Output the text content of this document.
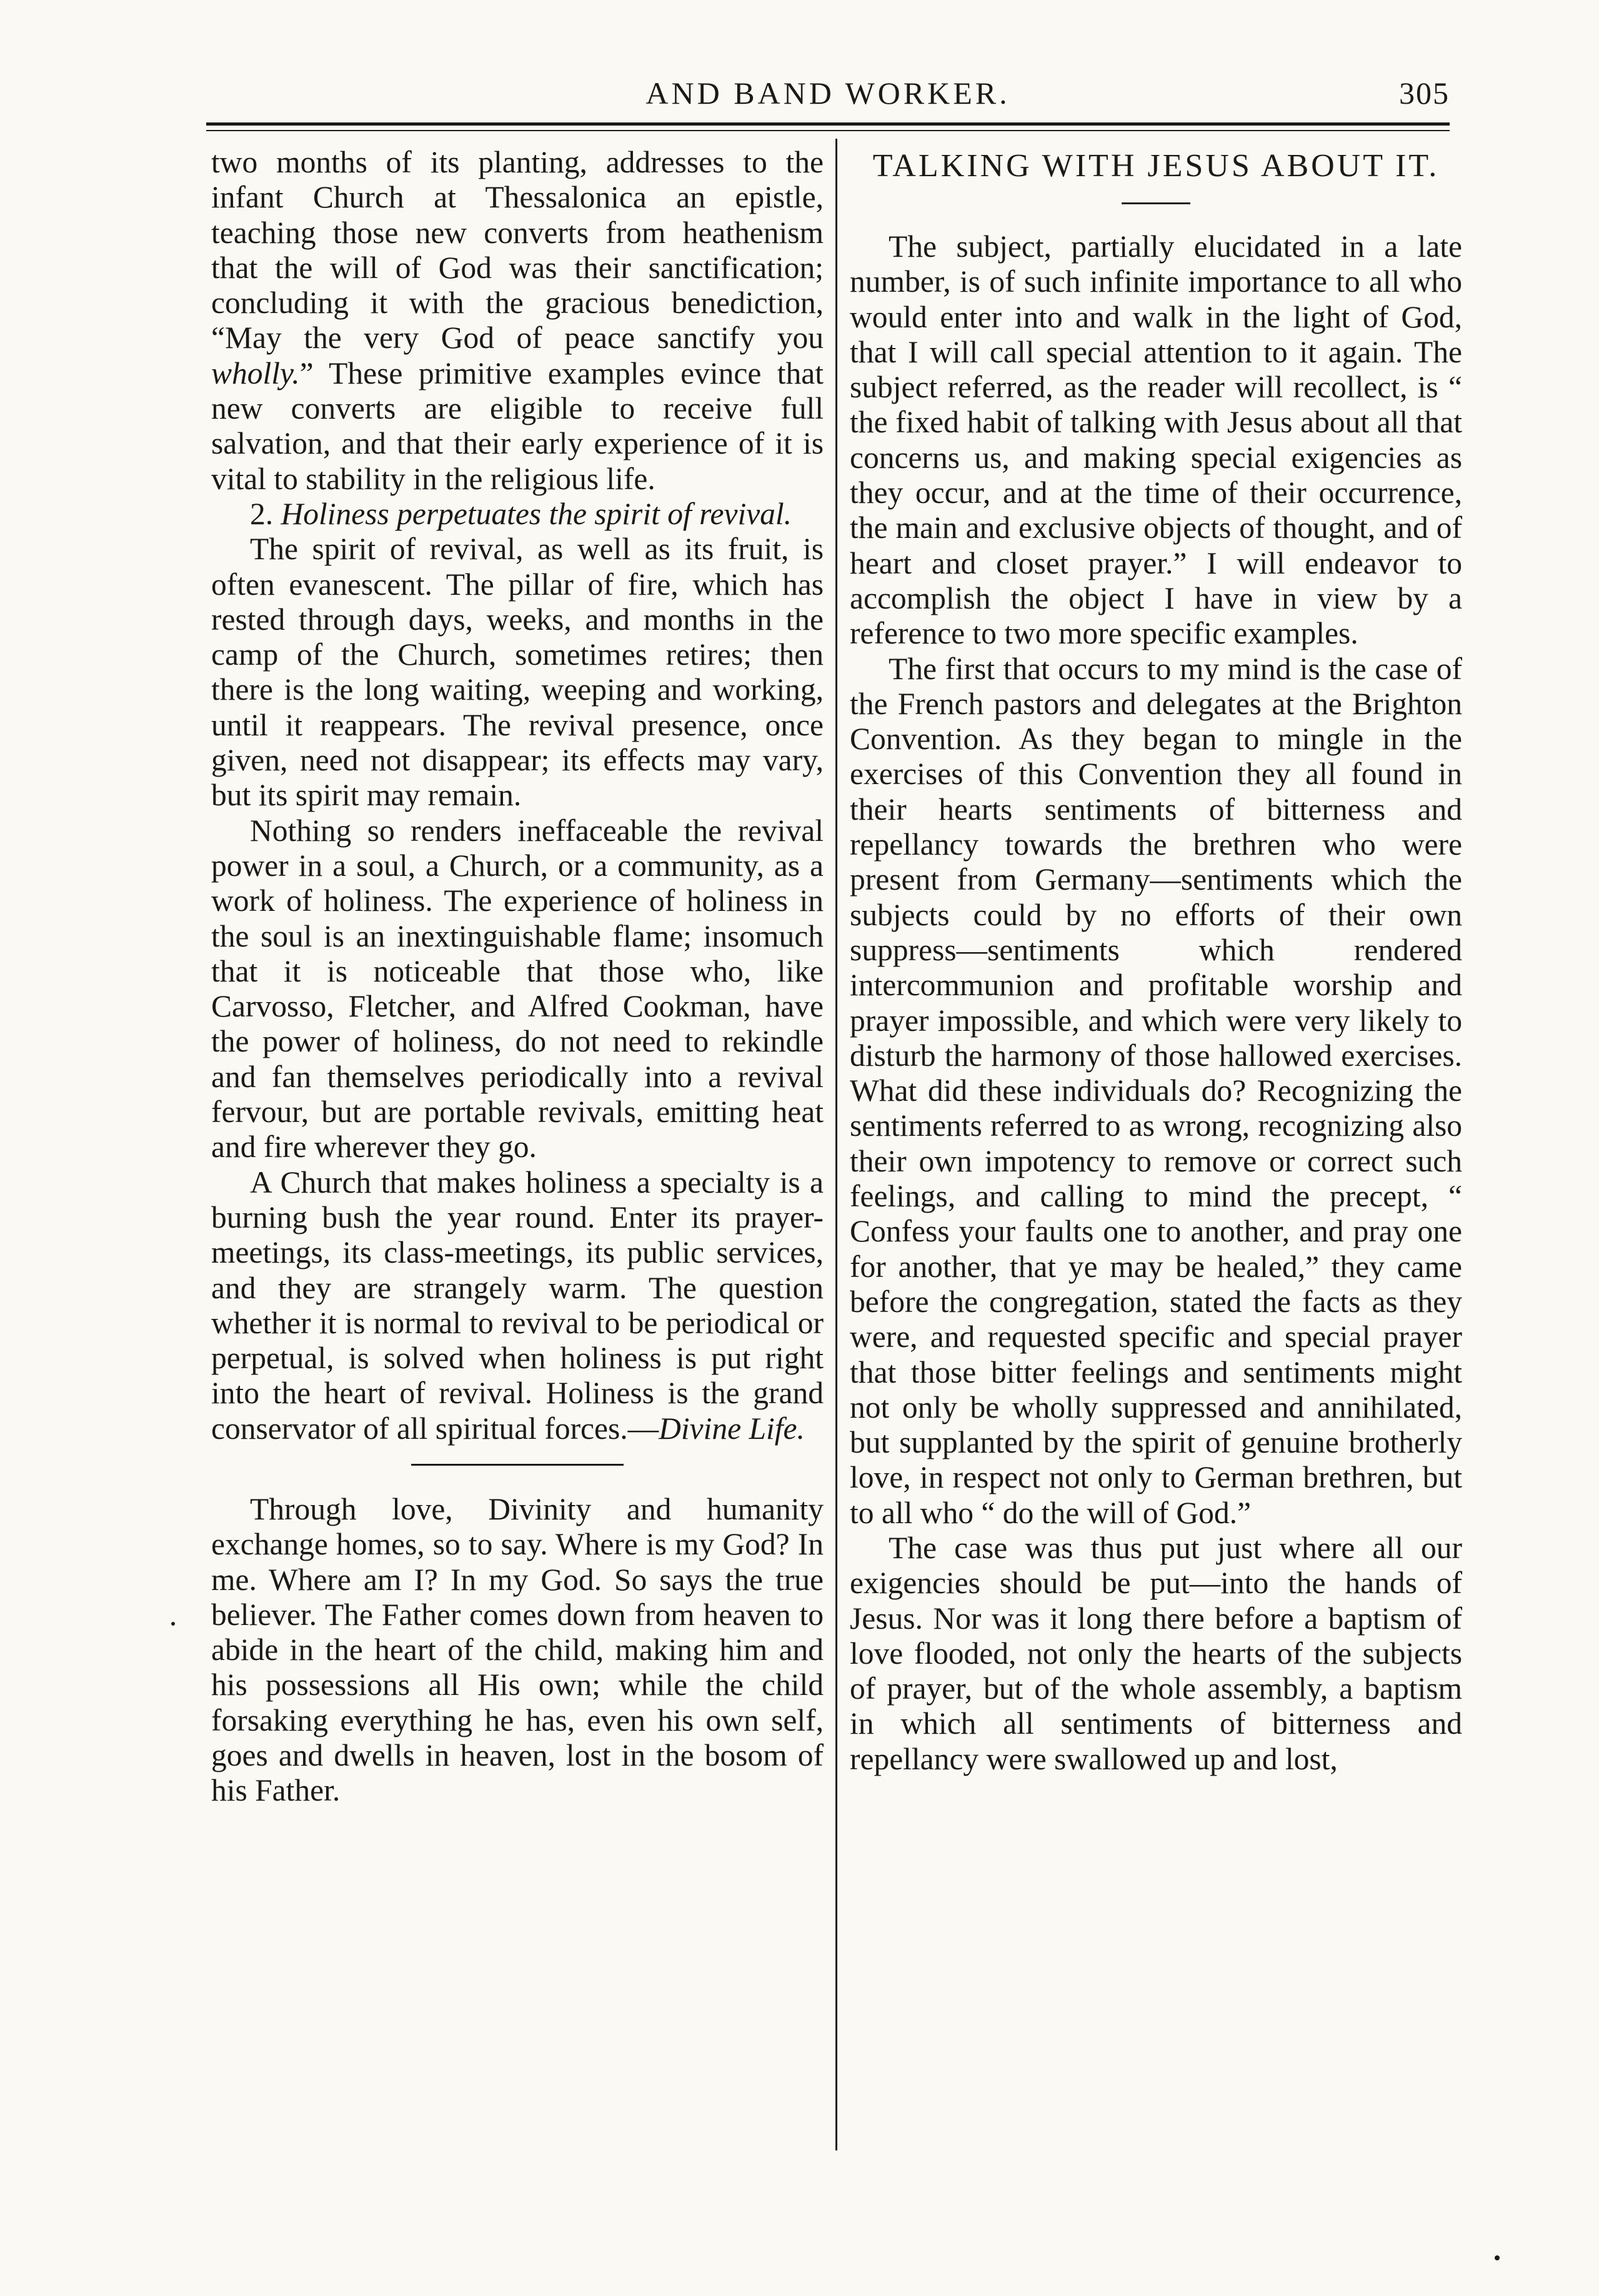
AND BAND WORKER.	305

two months of its planting, addresses to the infant Church at Thessalonica an epistle, teaching those new converts from heathenism that the will of God was their sanctification; concluding it with the gracious benediction, “May the very God of peace sanctify you wholly.” These primitive examples evince that new converts are eligible to receive full salvation, and that their early experience of it is vital to stability in the religious life.

2. Holiness perpetuates the spirit of revival.

The spirit of revival, as well as its fruit, is often evanescent. The pillar of fire, which has rested through days, weeks, and months in the camp of the Church, sometimes retires; then there is the long waiting, weeping and working, until it reappears. The revival presence, once given, need not disappear; its effects may vary, but its spirit may remain.

Nothing so renders ineffaceable the revival power in a soul, a Church, or a community, as a work of holiness. The experience of holiness in the soul is an inextinguishable flame; insomuch that it is noticeable that those who, like Carvosso, Fletcher, and Alfred Cookman, have the power of holiness, do not need to rekindle and fan themselves periodically into a revival fervour, but are portable revivals, emitting heat and fire wherever they go.

A Church that makes holiness a specialty is a burning bush the year round. Enter its prayer-meetings, its class-meetings, its public services, and they are strangely warm. The question whether it is normal to revival to be periodical or perpetual, is solved when holiness is put right into the heart of revival. Holiness is the grand conservator of all spiritual forces.—Divine Life.

Through love, Divinity and humanity exchange homes, so to say. Where is my God? In me. Where am I? In my God. So says the true believer. The Father comes down from heaven to abide in the heart of the child, making him and his possessions all His own; while the child forsaking everything he has, even his own self, goes and dwells in heaven, lost in the bosom of his Father.

TALKING WITH JESUS ABOUT IT.

The subject, partially elucidated in a late number, is of such infinite importance to all who would enter into and walk in the light of God, that I will call special attention to it again. The subject referred, as the reader will recollect, is “ the fixed habit of talking with Jesus about all that concerns us, and making special exigencies as they occur, and at the time of their occurrence, the main and exclusive objects of thought, and of heart and closet prayer.” I will endeavor to accomplish the object I have in view by a reference to two more specific examples.

The first that occurs to my mind is the case of the French pastors and delegates at the Brighton Convention. As they began to mingle in the exercises of this Convention they all found in their hearts sentiments of bitterness and repellancy towards the brethren who were present from Germany—sentiments which the subjects could by no efforts of their own suppress—sentiments which rendered intercommunion and profitable worship and prayer impossible, and which were very likely to disturb the harmony of those hallowed exercises. What did these individuals do? Recognizing the sentiments referred to as wrong, recognizing also their own impotency to remove or correct such feelings, and calling to mind the precept, “ Confess your faults one to another, and pray one for another, that ye may be healed,” they came before the congregation, stated the facts as they were, and requested specific and special prayer that those bitter feelings and sentiments might not only be wholly suppressed and annihilated, but supplanted by the spirit of genuine brotherly love, in respect not only to German brethren, but to all who “ do the will of God.”

The case was thus put just where all our exigencies should be put—into the hands of Jesus. Nor was it long there before a baptism of love flooded, not only the hearts of the subjects of prayer, but of the whole assembly, a baptism in which all sentiments of bitterness and repellancy were swallowed up and lost,
